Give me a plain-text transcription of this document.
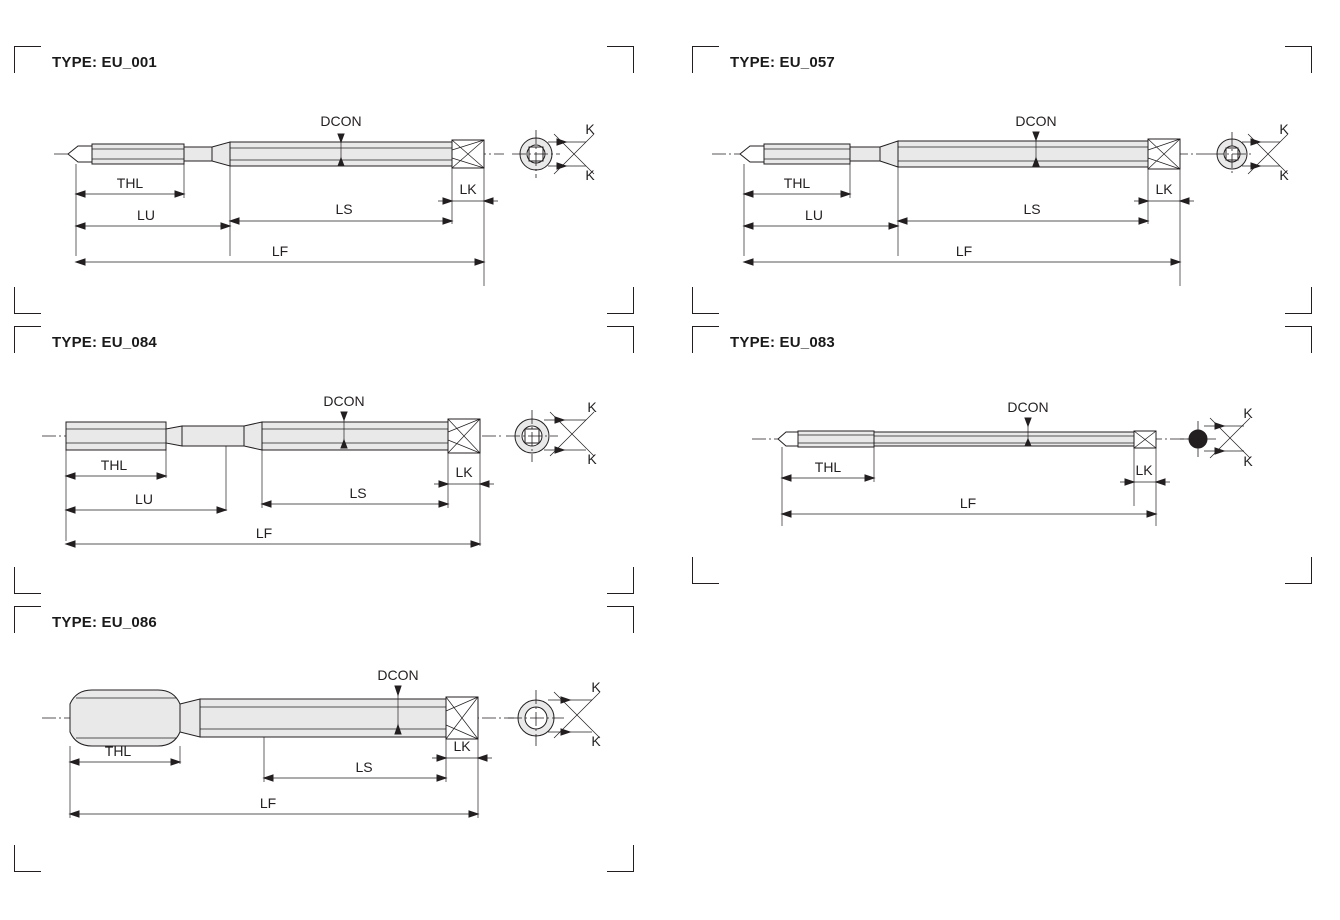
TYPE: EU_001
DCON
THL
LU	LS
LK
LF
K
K
TYPE: EU_057
DCON
THL
LU	LS
LK
LF
K
K
TYPE: EU_084
DCON
THL
LU	LS
LK
LF
K
K
TYPE: EU_083
DCON
THL	LK
LF
K
K
TYPE: EU_086
DCON
THL
LS
LK
LF
K
K
